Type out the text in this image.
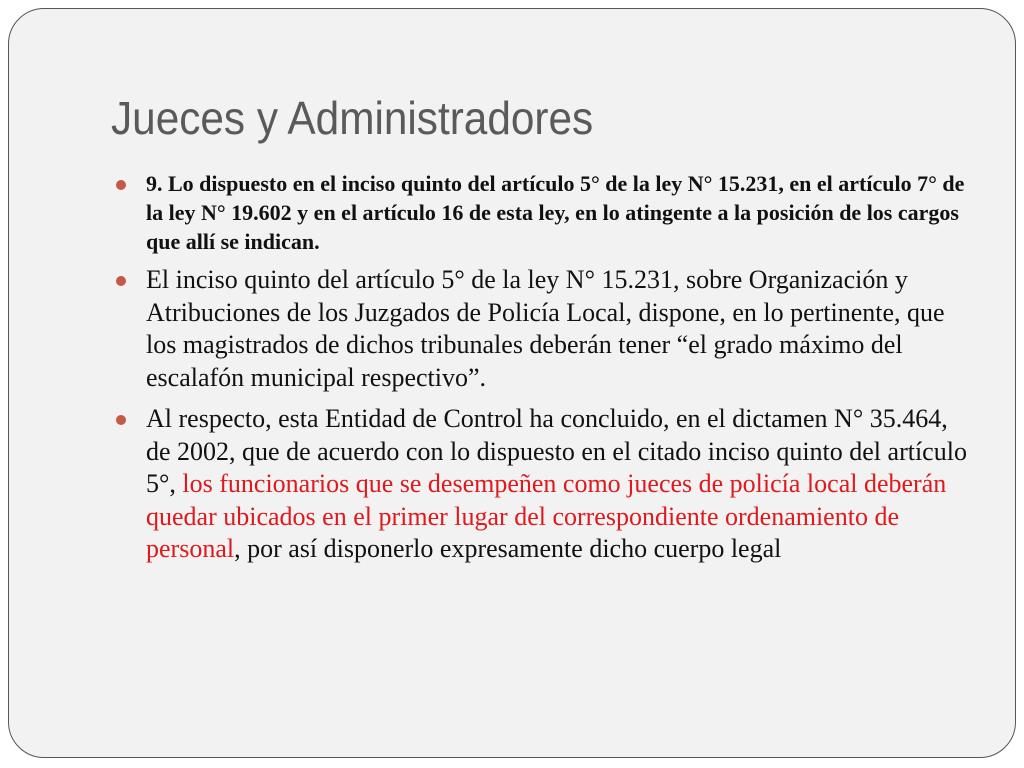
Jueces y Administradores
9. Lo dispuesto en el inciso quinto del artículo 5° de la ley N° 15.231, en el artículo 7° de la ley N° 19.602 y en el artículo 16 de esta ley, en lo atingente a la posición de los cargos que allí se indican.
El inciso quinto del artículo 5° de la ley N° 15.231, sobre Organización y Atribuciones de los Juzgados de Policía Local, dispone, en lo pertinente, que los magistrados de dichos tribunales deberán tener “el grado máximo del escalafón municipal respectivo”.
Al respecto, esta Entidad de Control ha concluido, en el dictamen N° 35.464, de 2002, que de acuerdo con lo dispuesto en el citado inciso quinto del artículo 5°, los funcionarios que se desempeñen como jueces de policía local deberán quedar ubicados en el primer lugar del correspondiente ordenamiento de personal, por así disponerlo expresamente dicho cuerpo legal
